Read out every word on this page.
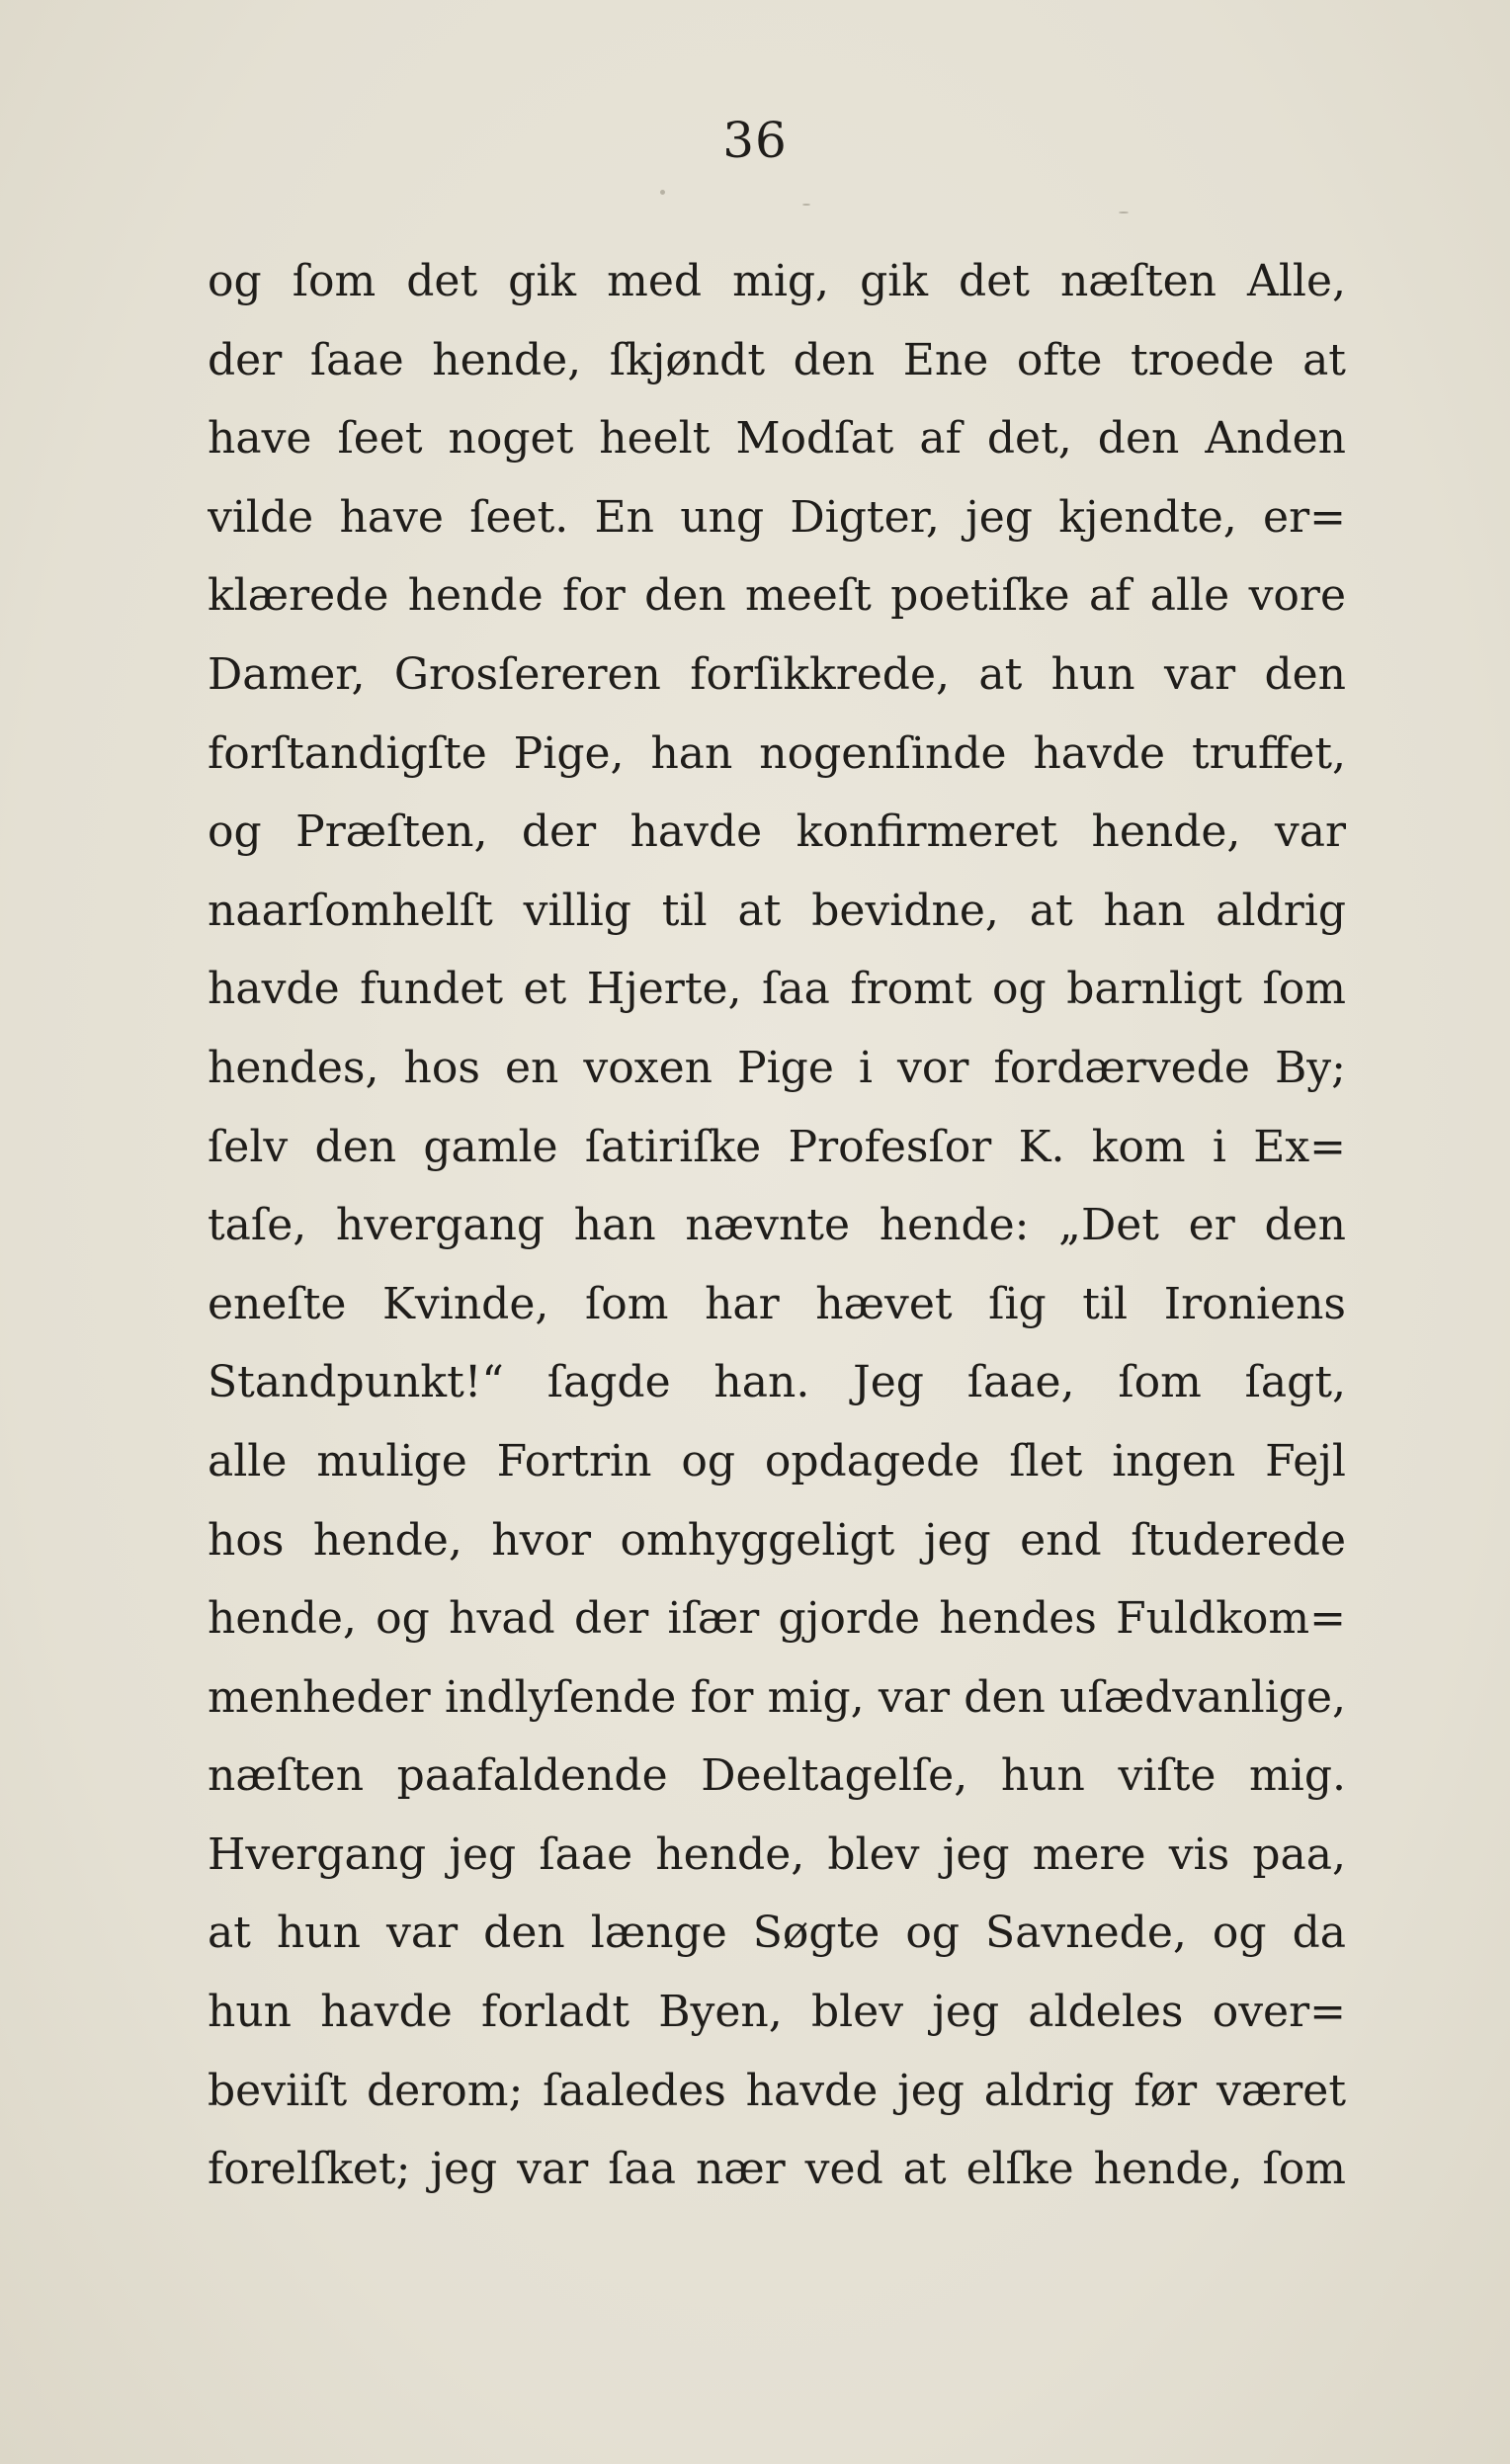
36
og ſom det gik med mig, gik det næſten Alle,
der ſaae hende, ſkjøndt den Ene ofte troede at
have ſeet noget heelt Modſat af det, den Anden
vilde have ſeet. En ung Digter, jeg kjendte, er=
klærede hende for den meeſt poetiſke af alle vore
Damer, Grosſereren forſikkrede, at hun var den
forſtandigſte Pige, han nogenſinde havde truffet,
og Præſten, der havde konfirmeret hende, var
naarſomhelſt villig til at bevidne, at han aldrig
havde fundet et Hjerte, ſaa fromt og barnligt ſom
hendes, hos en voxen Pige i vor fordærvede By;
ſelv den gamle ſatiriſke Profesſor K. kom i Ex=
taſe, hvergang han nævnte hende: „Det er den
eneſte Kvinde, ſom har hævet ſig til Ironiens
Standpunkt!“ ſagde han. Jeg ſaae, ſom ſagt,
alle mulige Fortrin og opdagede ſlet ingen Fejl
hos hende, hvor omhyggeligt jeg end ſtuderede
hende, og hvad der iſær gjorde hendes Fuldkom=
menheder indlyſende for mig, var den uſædvanlige,
næſten paafaldende Deeltagelſe, hun viſte mig.
Hvergang jeg ſaae hende, blev jeg mere vis paa,
at hun var den længe Søgte og Savnede, og da
hun havde forladt Byen, blev jeg aldeles over=
beviiſt derom; ſaaledes havde jeg aldrig før været
forelſket; jeg var ſaa nær ved at elſke hende, ſom
